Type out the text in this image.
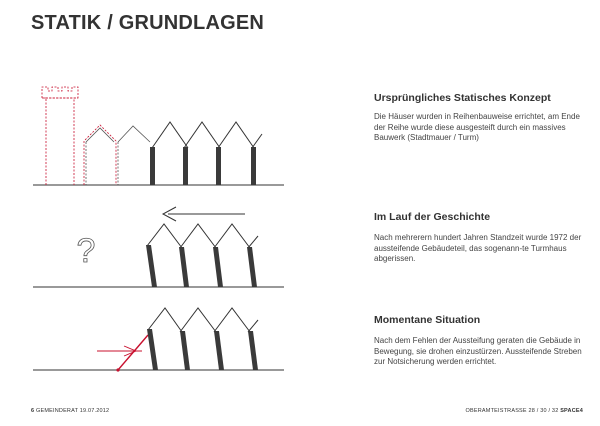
STATIK / GRUNDLAGEN
Ursprüngliches Statisches Konzept
Die Häuser wurden in Reihenbauweise errichtet, am Ende der Reihe wurde diese ausgesteift durch ein massives Bauwerk (Stadtmauer / Turm)
Im Lauf der Geschichte
Nach mehrerern hundert Jahren Standzeit wurde 1972 der aussteifende Gebäudeteil, das sogenann-te Turmhaus abgerissen.
Momentane Situation
Nach dem Fehlen der Aussteifung geraten die Gebäude in Bewegung, sie drohen einzustürzen. Aussteifende Streben zur Notsicherung werden errichtet.
?
6 GEMEINDERAT 19.07.2012	OBERAMTEISTRASSE 28 / 30 / 32 SPACE4
